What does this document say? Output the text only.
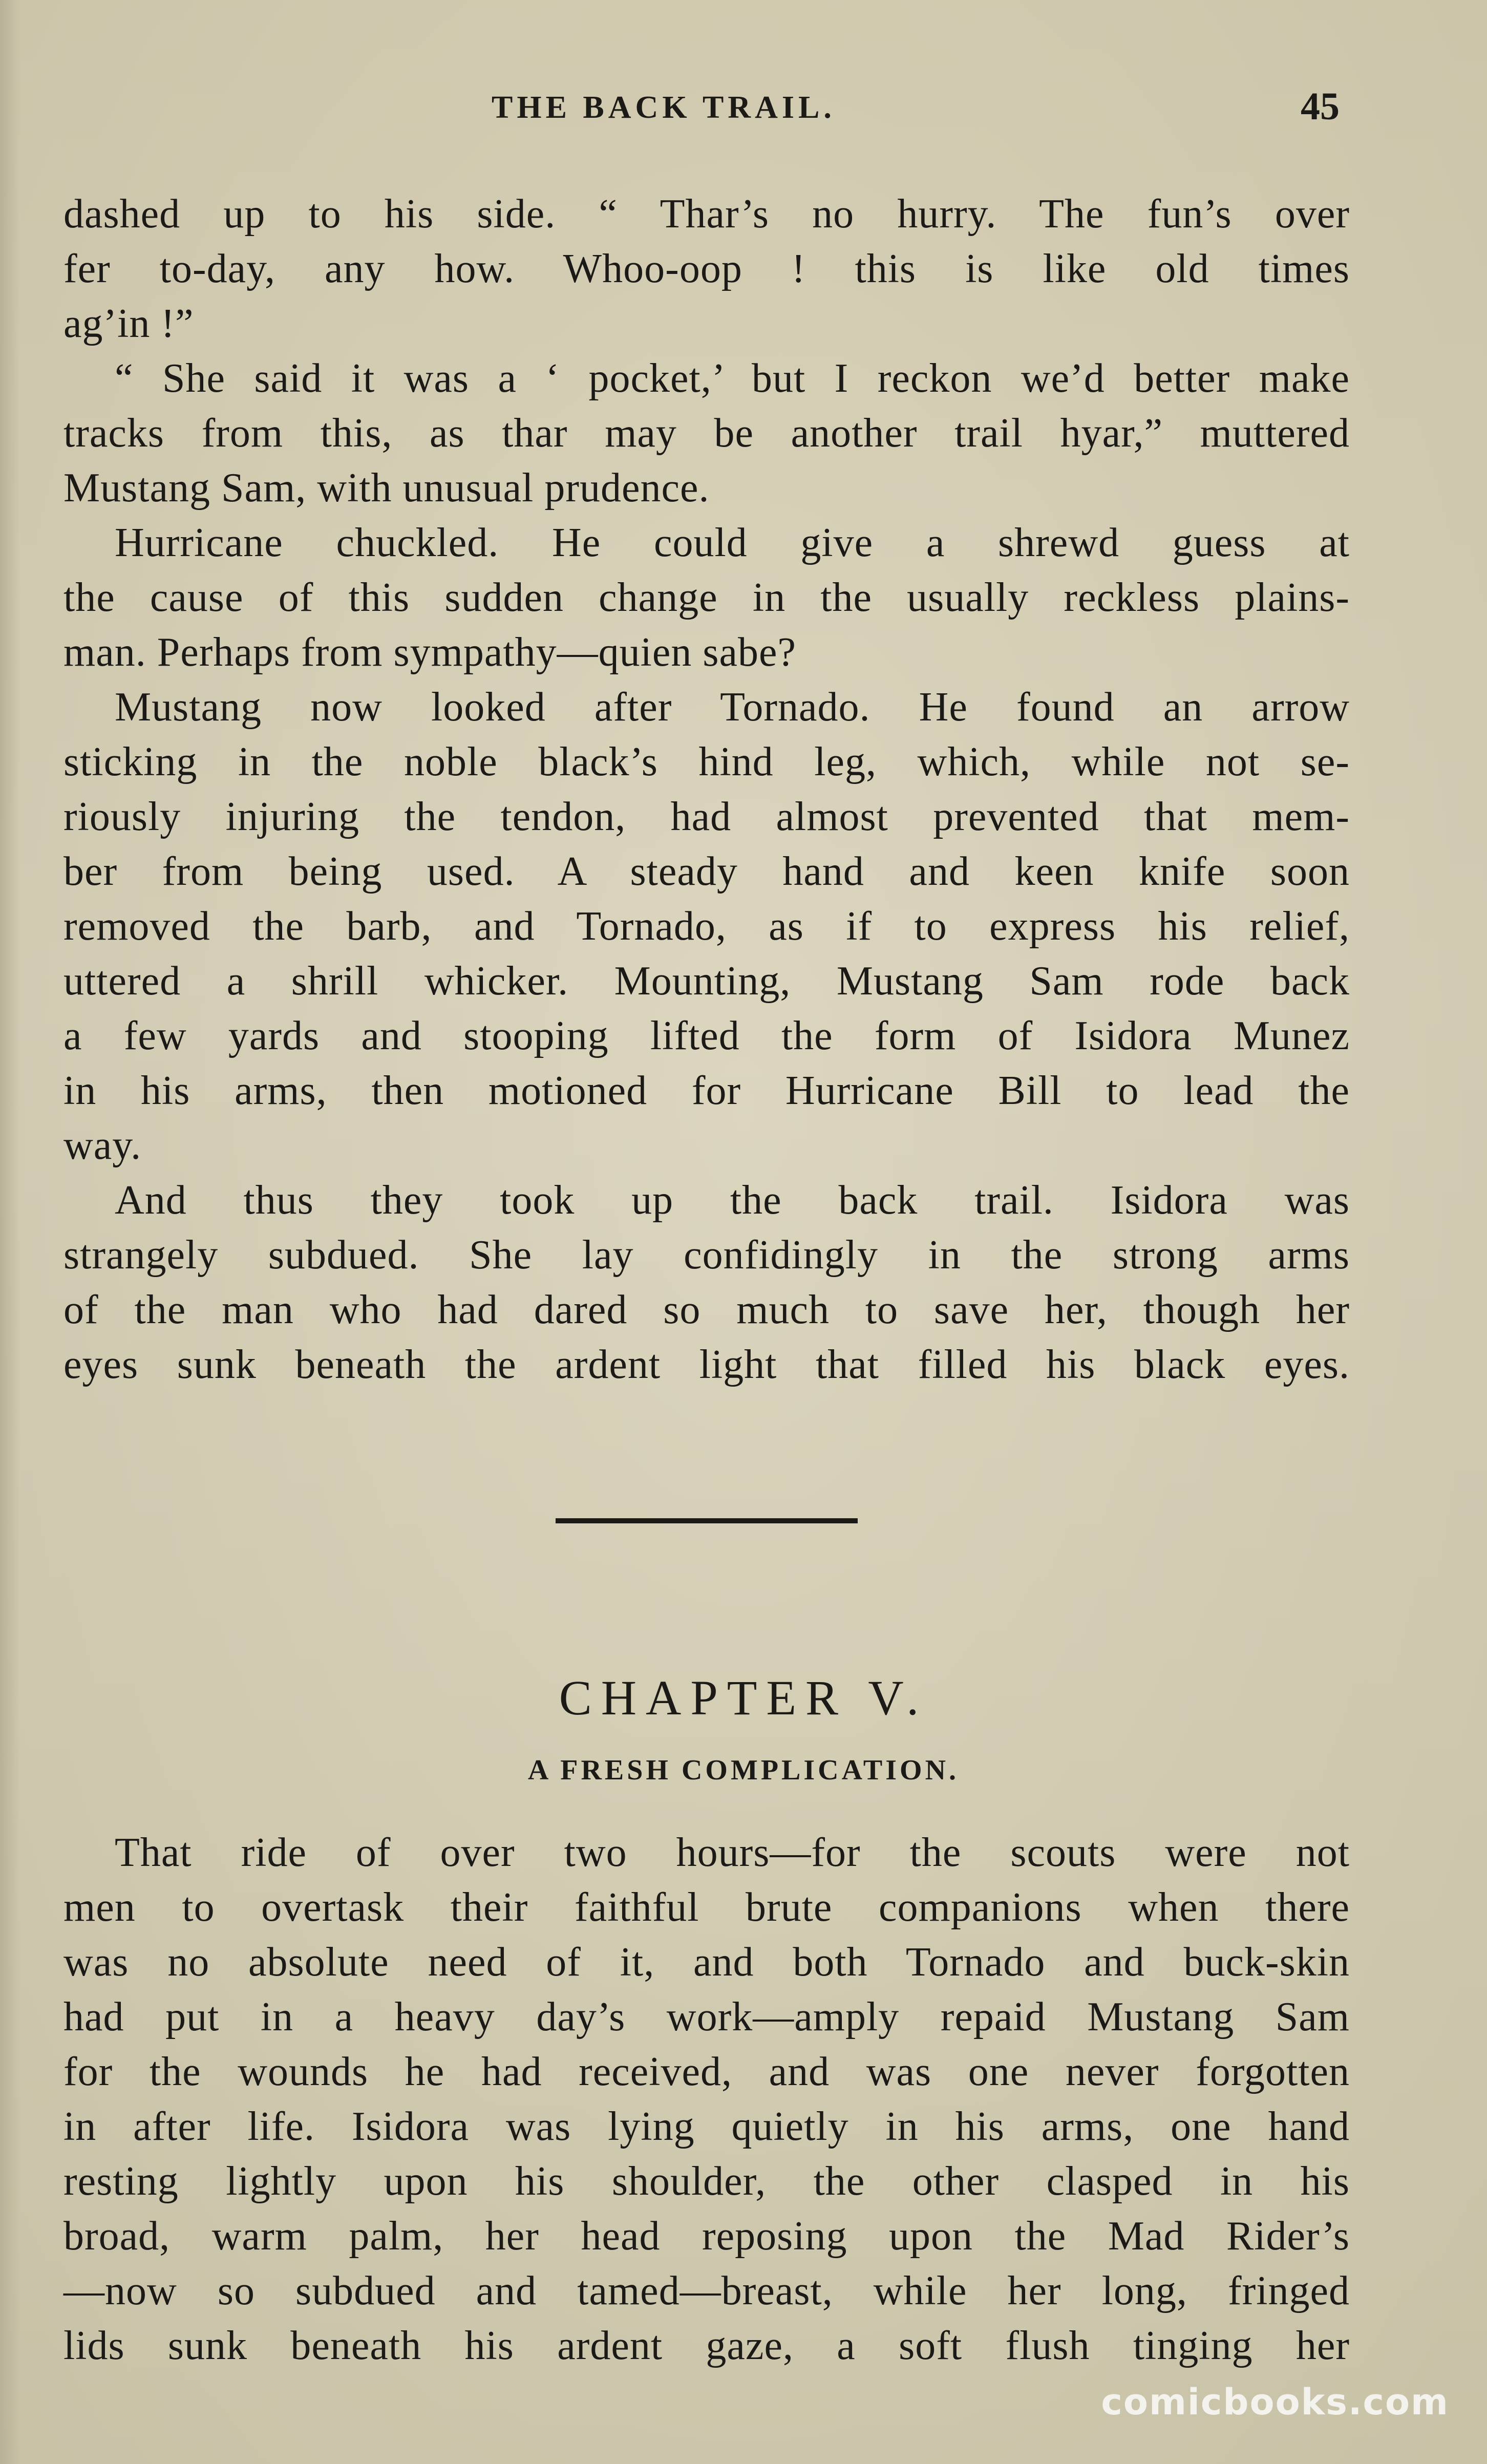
THE BACK TRAIL.	45
dashed up to his side. “ Thar’s no hurry. The fun’s over
fer to-day, any how. Whoo-oop ! this is like old times
ag’in !”
“ She said it was a ‘ pocket,’ but I reckon we’d better make
tracks from this, as thar may be another trail hyar,” muttered
Mustang Sam, with unusual prudence.
Hurricane chuckled. He could give a shrewd guess at
the cause of this sudden change in the usually reckless plains-
man. Perhaps from sympathy—quien sabe?
Mustang now looked after Tornado. He found an arrow
sticking in the noble black’s hind leg, which, while not se-
riously injuring the tendon, had almost prevented that mem-
ber from being used. A steady hand and keen knife soon
removed the barb, and Tornado, as if to express his relief,
uttered a shrill whicker. Mounting, Mustang Sam rode back
a few yards and stooping lifted the form of Isidora Munez
in his arms, then motioned for Hurricane Bill to lead the
way.
And thus they took up the back trail. Isidora was
strangely subdued. She lay confidingly in the strong arms
of the man who had dared so much to save her, though her
eyes sunk beneath the ardent light that filled his black eyes.
CHAPTER V.
A FRESH COMPLICATION.
That ride of over two hours—for the scouts were not
men to overtask their faithful brute companions when there
was no absolute need of it, and both Tornado and buck-skin
had put in a heavy day’s work—amply repaid Mustang Sam
for the wounds he had received, and was one never forgotten
in after life. Isidora was lying quietly in his arms, one hand
resting lightly upon his shoulder, the other clasped in his
broad, warm palm, her head reposing upon the Mad Rider’s
—now so subdued and tamed—breast, while her long, fringed
lids sunk beneath his ardent gaze, a soft flush tinging her
comicbooks.com
